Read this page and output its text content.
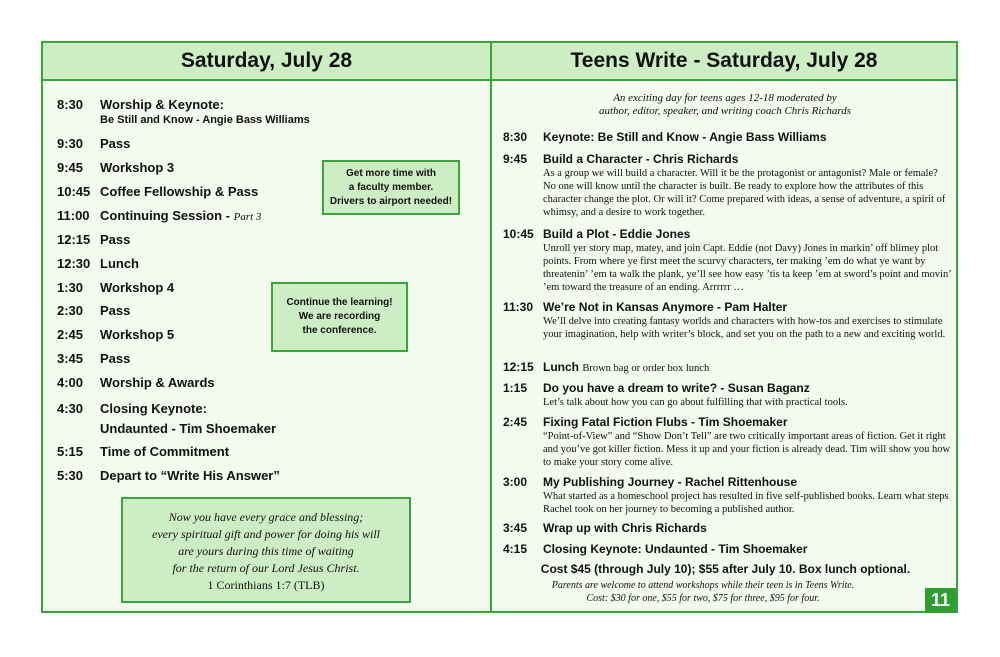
Saturday, July 28	Teens Write - Saturday, July 28
8:30 Worship & Keynote:
Be Still and Know - Angie Bass Williams
9:30 Pass
9:45 Workshop 3
10:45 Coffee Fellowship & Pass
11:00 Continuing Session - Part 3
12:15 Pass
12:30 Lunch
1:30 Workshop 4
2:30 Pass
2:45 Workshop 5
3:45 Pass
4:00 Worship & Awards
4:30 Closing Keynote:
Undaunted - Tim Shoemaker
5:15 Time of Commitment
5:30 Depart to “Write His Answer”
Get more time with
a faculty member.
Drivers to airport needed!
Continue the learning!
We are recording
the conference.
Now you have every grace and blessing;
every spiritual gift and power for doing his will
are yours during this time of waiting
for the return of our Lord Jesus Christ.
1 Corinthians 1:7 (TLB)
An exciting day for teens ages 12-18 moderated by
author, editor, speaker, and writing coach Chris Richards
8:30 Keynote: Be Still and Know - Angie Bass Williams
9:45 Build a Character - Chris Richards
As a group we will build a character. Will it be the protagonist or antagonist? Male or female? No one will know until the character is built. Be ready to explore how the attributes of this character change the plot. Or will it? Come prepared with ideas, a sense of adventure, a spirit of whimsy, and a desire to work together.
10:45 Build a Plot - Eddie Jones
Unroll yer story map, matey, and join Capt. Eddie (not Davy) Jones in markin’ off blimey plot points. From where ye first meet the scurvy characters, ter making ’em do what ye want by threatenin’ ’em ta walk the plank, ye’ll see how easy ’tis ta keep ’em at sword’s point and movin’ ’em toward the treasure of an ending. Arrrrrr …
11:30 We’re Not in Kansas Anymore - Pam Halter
We’ll delve into creating fantasy worlds and characters with how-tos and exercises to stimulate your imagination, help with writer’s block, and set you on the path to a new and exciting world.
12:15 Lunch Brown bag or order box lunch
1:15 Do you have a dream to write? - Susan Baganz
Let’s talk about how you can go about fulfilling that with practical tools.
2:45 Fixing Fatal Fiction Flubs - Tim Shoemaker
“Point-of-View” and “Show Don’t Tell” are two critically important areas of fiction. Get it right and you’ve got killer fiction. Mess it up and your fiction is already dead. Tim will show you how to make your story come alive.
3:00 My Publishing Journey - Rachel Rittenhouse
What started as a homeschool project has resulted in five self-published books. Learn what steps Rachel took on her journey to becoming a published author.
3:45 Wrap up with Chris Richards
4:15 Closing Keynote: Undaunted - Tim Shoemaker
Cost $45 (through July 10); $55 after July 10. Box lunch optional.
Parents are welcome to attend workshops while their teen is in Teens Write.
Cost: $30 for one, $55 for two, $75 for three, $95 for four.	11
